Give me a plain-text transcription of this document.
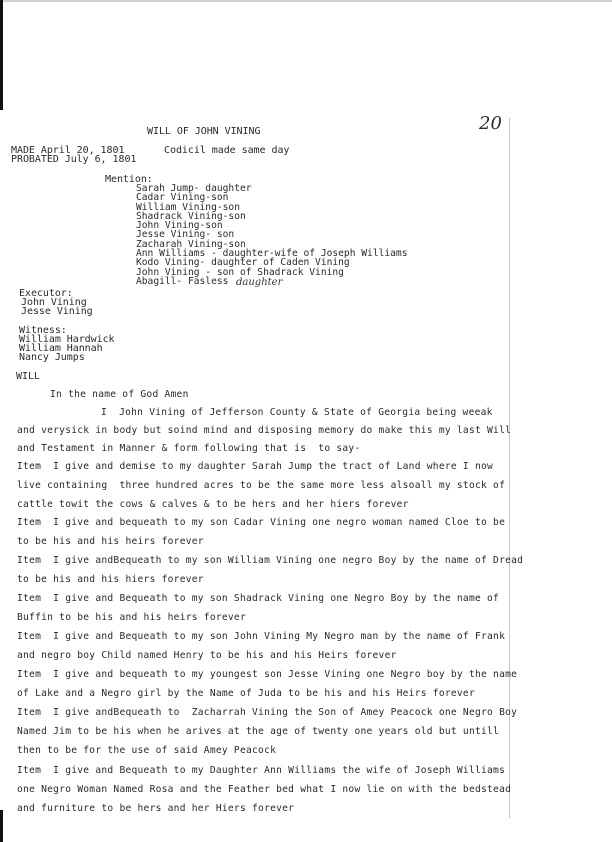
20
WILL OF JOHN VINING
MADE April 20, 1801
PROBATED July 6, 1801
Codicil made same day
Mention:
Sarah Jump- daughter
Cadar Vining-son
William Vining-son
Shadrack Vining-son
John Vining-son
Jesse Vining- son
Zacharah Vining-son
Ann Williams - daughter-wife of Joseph Williams
Kodo Vining- daughter of Caden Vining
John Vining - son of Shadrack Vining
Abagill- Fasless daughter
Executor:
John Vining
Jesse Vining
Witness:
William Hardwick
William Hannah
Nancy Jumps
WILL
In the name of God Amen
I  John Vining of Jefferson County & State of Georgia being weeak
and verysick in body but soind mind and disposing memory do make this my last Will
and Testament in Manner & form following that is  to say-
Item  I give and demise to my daughter Sarah Jump the tract of Land where I now
live containing  three hundred acres to be the same more less alsoall my stock of
cattle towit the cows & calves & to be hers and her hiers forever
Item  I give and bequeath to my son Cadar Vining one negro woman named Cloe to be
to be his and his heirs forever
Item  I give andBequeath to my son William Vining one negro Boy by the name of Dread
to be his and his hiers forever
Item  I give and Bequeath to my son Shadrack Vining one Negro Boy by the name of
Buffin to be his and his heirs forever
Item  I give and Bequeath to my son John Vining My Negro man by the name of Frank
and negro boy Child named Henry to be his and his Heirs forever
Item  I give and bequeath to my youngest son Jesse Vining one Negro boy by the name
of Lake and a Negro girl by the Name of Juda to be his and his Heirs forever
Item  I give andBequeath to  Zacharrah Vining the Son of Amey Peacock one Negro Boy
Named Jim to be his when he arives at the age of twenty one years old but untill
then to be for the use of said Amey Peacock
Item  I give and Bequeath to my Daughter Ann Williams the wife of Joseph Williams
one Negro Woman Named Rosa and the Feather bed what I now lie on with the bedstead
and furniture to be hers and her Hiers forever
